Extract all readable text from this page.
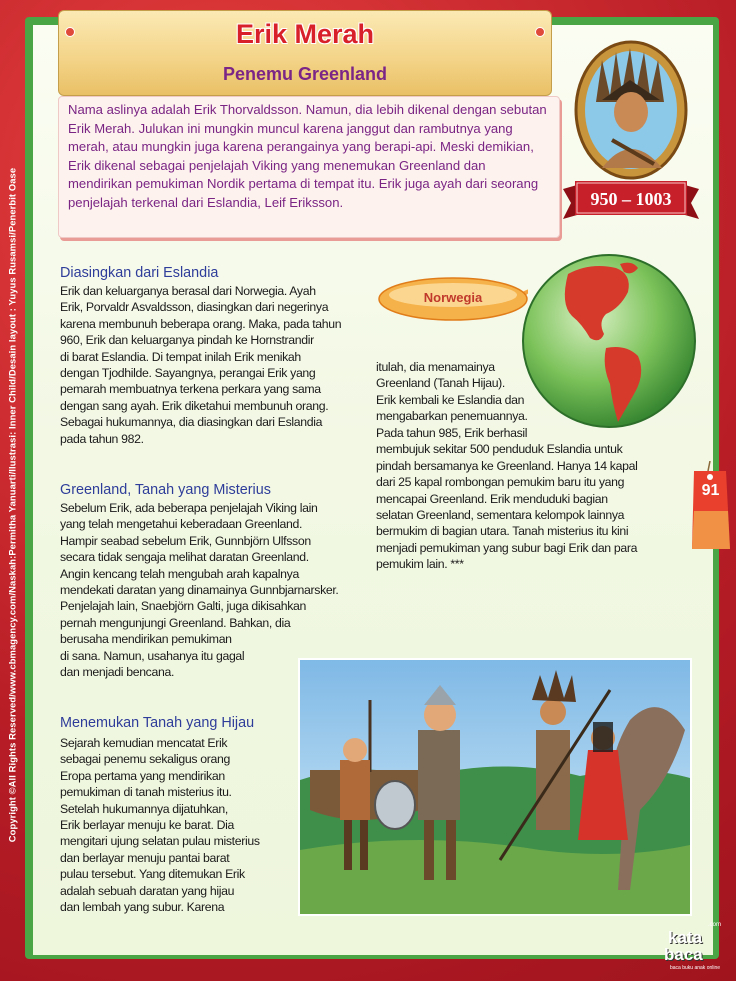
Copyright ©All Rights Reserved/www.cbmagency.com/Naskah:Permitha Yanuarti/Ilustrasi: Inner Child/Desain layout : Yuyus Rusamsi/Penerbit Oase
Erik Merah
Penemu Greenland

Nama aslinya adalah Erik Thorvaldsson. Namun, dia lebih dikenal dengan sebutan Erik Merah. Julukan ini mungkin muncul karena janggut dan rambutnya yang merah, atau mungkin juga karena perangainya yang berapi-api. Meski demikian, Erik dikenal sebagai penjelajah Viking yang menemukan Greenland dan mendirikan pemukiman Nordik pertama di tempat itu. Erik juga ayah dari seorang penjelajah terkenal dari Eslandia, Leif Eriksson.	950 – 1003
Norwegia
Diasingkan dari Eslandia
Erik dan keluarganya berasal dari Norwegia. Ayah
Erik, Porvaldr Asvaldsson, diasingkan dari negerinya
karena membunuh beberapa orang. Maka, pada tahun
960, Erik dan keluarganya pindah ke Hornstrandir
di barat Eslandia. Di tempat inilah Erik menikah
dengan Tjodhilde. Sayangnya, perangai Erik yang
pemarah membuatnya terkena perkara yang sama
dengan sang ayah. Erik diketahui membunuh orang.
Sebagai hukumannya, dia diasingkan dari Eslandia
pada tahun 982.
Greenland, Tanah yang Misterius
Sebelum Erik, ada beberapa penjelajah Viking lain
yang telah mengetahui keberadaan Greenland.
Hampir seabad sebelum Erik, Gunnbjörn Ulfsson
secara tidak sengaja melihat daratan Greenland.
Angin kencang telah mengubah arah kapalnya
mendekati daratan yang dinamainya Gunnbjarnarsker.
Penjelajah lain, Snaebjörn Galti, juga dikisahkan
pernah mengunjungi Greenland. Bahkan, dia
berusaha mendirikan pemukiman
di sana. Namun, usahanya itu gagal
dan menjadi bencana.
Menemukan Tanah yang Hijau
Sejarah kemudian mencatat Erik
sebagai penemu sekaligus orang
Eropa pertama yang mendirikan
pemukiman di tanah misterius itu.
Setelah hukumannya dijatuhkan,
Erik berlayar menuju ke barat. Dia
mengitari ujung selatan pulau misterius
dan berlayar menuju pantai barat
pulau tersebut. Yang ditemukan Erik
adalah sebuah daratan yang hijau
dan lembah yang subur. Karena
itulah, dia menamainya
Greenland (Tanah Hijau).
Erik kembali ke Eslandia dan
mengabarkan penemuannya.
Pada tahun 985, Erik berhasil
membujuk sekitar 500 penduduk Eslandia untuk
pindah bersamanya ke Greenland. Hanya 14 kapal
dari 25 kapal rombongan pemukim baru itu yang
mencapai Greenland. Erik menduduki bagian
selatan Greenland, sementara kelompok lainnya
bermukim di bagian utara. Tanah misterius itu kini
menjadi pemukiman yang subur bagi Erik dan para
pemukim lain. ***
91
kata
baca
.com
baca buku anak online
